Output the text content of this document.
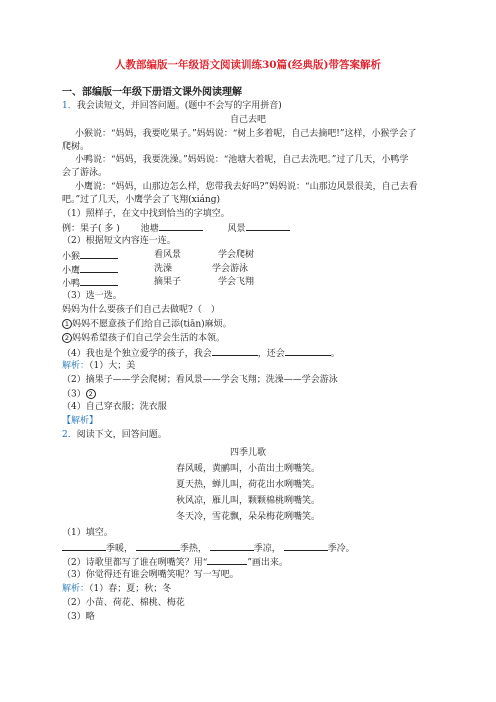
人教部编版一年级语文阅读训练30篇(经典版)带答案解析
一、部编版一年级下册语文课外阅读理解
1．我会读短文，并回答问题。(题中不会写的字用拼音)
自己去吧
小猴说：“妈妈，我要吃果子。”妈妈说：“树上多着呢，自己去摘吧!”这样，小猴学会了
爬树。
小鸭说：“妈妈，我要洗澡。”妈妈说：“池塘大着呢，自己去洗吧。”过了几天，小鸭学
会了游泳。
小鹰说：“妈妈，山那边怎么样，您带我去好吗?”妈妈说：“山那边风景很美，自己去看
吧。”过了几天，小鹰学会了飞翔(xiáng)
（1）照样子，在文中找到恰当的字填空。
例：果子( 多 ) 池塘	风景
（2）根据短文内容连一连。
小猴	看风景	学会爬树
小鹰	洗澡	学会游泳
小鸭	摘果子	学会飞翔
（3）选一选。
妈妈为什么要孩子们自己去做呢?（　）
1 妈妈不愿意孩子们给自己添(tiān)麻烦。
2 妈妈希望孩子们自己学会生活的本领。
（4）我也是个独立爱学的孩子，我会	，还会	。
解析：（1）大；美
（2）摘果子——学会爬树；看风景——学会飞翔；洗澡——学会游泳
（3） 2
（4）自己穿衣服；洗衣服
【解析】
2．阅读下文，回答问题。
四季儿歌
春风暖，黄鹂叫，小苗出土咧嘴笑。
夏天热，蝉儿叫，荷花出水咧嘴笑。
秋风凉，雁儿叫，颗颗棉桃咧嘴笑。
冬天冷，雪花飘，朵朵梅花咧嘴笑。
（1）填空。
季暖，	季热，	季凉，	季冷。
（2）诗歌里都写了谁在咧嘴笑？用“	”画出来。
（3）你觉得还有谁会咧嘴笑呢？写一写吧。
解析：（1）春；夏；秋；冬
（2）小苗、荷花、棉桃、梅花
（3）略
